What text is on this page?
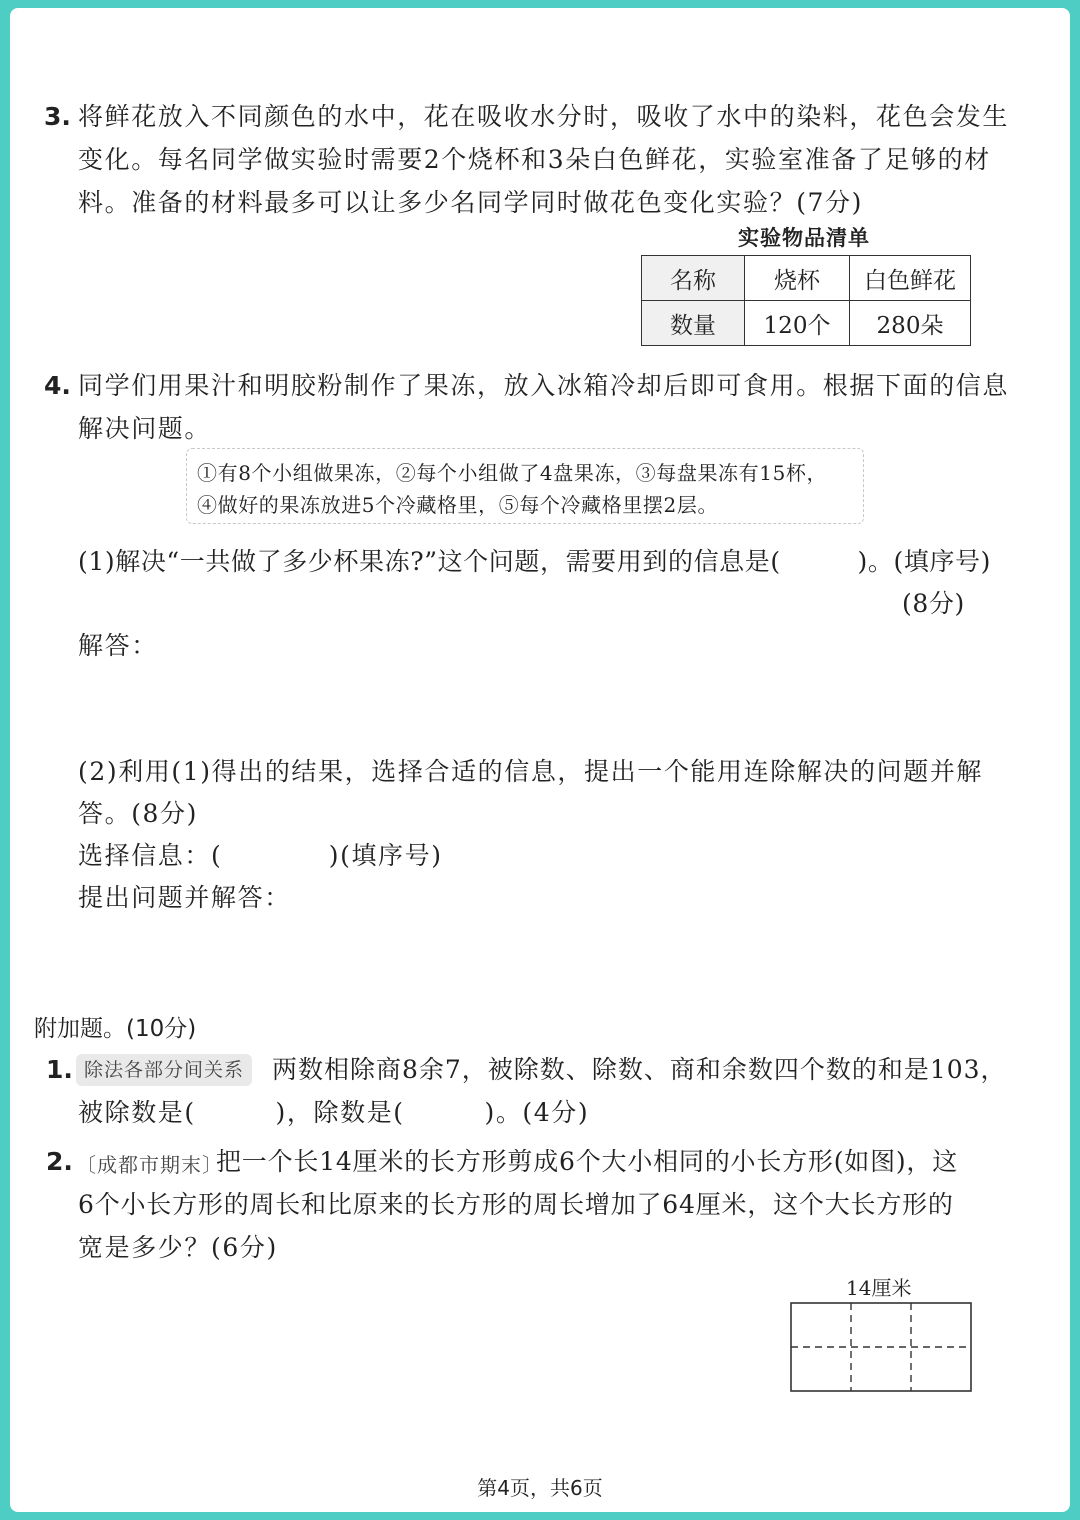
3. 将鲜花放入不同颜色的水中，花在吸收水分时，吸收了水中的染料，花色会发生
变化。每名同学做实验时需要2个烧杯和3朵白色鲜花，实验室准备了足够的材
料。准备的材料最多可以让多少名同学同时做花色变化实验？(7分)
实验物品清单
名称	烧杯	白色鲜花
数量	120个	280朵
4. 同学们用果汁和明胶粉制作了果冻，放入冰箱冷却后即可食用。根据下面的信息
解决问题。
①有8个小组做果冻，②每个小组做了4盘果冻，③每盘果冻有15杯，
④做好的果冻放进5个冷藏格里，⑤每个冷藏格里摆2层。
(1)解决“一共做了多少杯果冻?”这个问题，需要用到的信息是(　　　)。(填序号)
(8分)
解答：
(2)利用(1)得出的结果，选择合适的信息，提出一个能用连除解决的问题并解
答。(8分)
选择信息：(　　　　)(填序号)
提出问题并解答：
附加题。(10分)
1. 除法各部分间关系	两数相除商8余7，被除数、除数、商和余数四个数的和是103，
被除数是(　　　)，除数是(　　　)。(4分)
2. 〔成都市期末〕
把一个长14厘米的长方形剪成6个大小相同的小长方形(如图)，这
6个小长方形的周长和比原来的长方形的周长增加了64厘米，这个大长方形的
宽是多少？(6分)
14厘米
第4页，共6页
